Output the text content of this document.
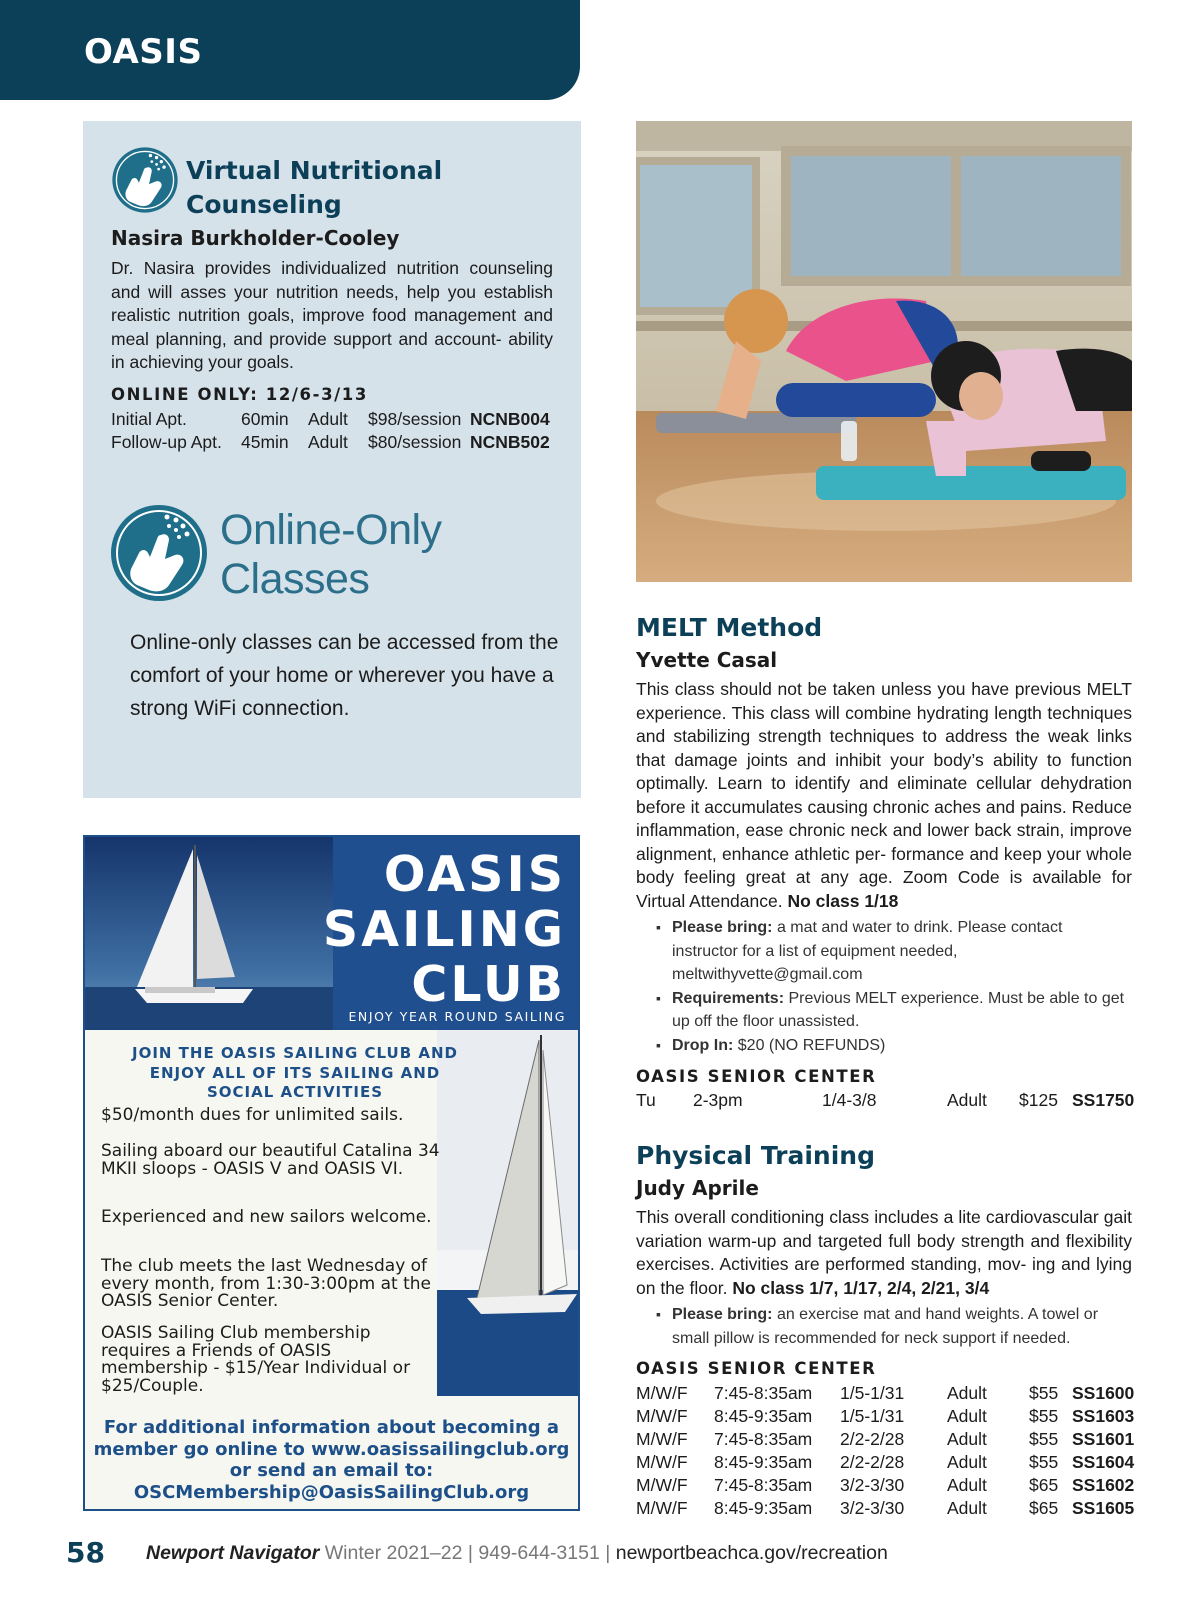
OASIS
Virtual Nutritional Counseling
Nasira Burkholder-Cooley
Dr. Nasira provides individualized nutrition counseling and will asses your nutrition needs, help you establish realistic nutrition goals, improve food management and meal planning, and provide support and account- ability in achieving your goals.
ONLINE ONLY: 12/6-3/13
Initial Apt.	60min Adult $98/session NCNB004
Follow-up Apt. 45min Adult $80/session NCNB502
Online-Only Classes
Online-only classes can be accessed from the comfort of your home or wherever you have a strong WiFi connection.
OASIS
SAILING
CLUB
ENJOY YEAR ROUND SAILING
JOIN THE OASIS SAILING CLUB AND ENJOY ALL OF ITS SAILING AND SOCIAL ACTIVITIES
$50/month dues for unlimited sails.
Sailing aboard our beautiful Catalina 34 MKII sloops - OASIS V and OASIS VI.
Experienced and new sailors welcome.
The club meets the last Wednesday of every month, from 1:30-3:00pm at the OASIS Senior Center.
OASIS Sailing Club membership requires a Friends of OASIS membership - $15/Year Individual or $25/Couple.
For additional information about becoming a member go online to www.oasissailingclub.org or send an email to: OSCMembership@OasisSailingClub.org
MELT Method
Yvette Casal
This class should not be taken unless you have previous MELT experience. This class will combine hydrating length techniques and stabilizing strength techniques to address the weak links that damage joints and inhibit your body’s ability to function optimally. Learn to identify and eliminate cellular dehydration before it accumulates causing chronic aches and pains. Reduce inflammation, ease chronic neck and lower back strain, improve alignment, enhance athletic per- formance and keep your whole body feeling great at any age. Zoom Code is available for Virtual Attendance. No class 1/18
▪ Please bring: a mat and water to drink. Please contact instructor for a list of equipment needed, meltwithyvette@gmail.com
▪ Requirements: Previous MELT experience. Must be able to get up off the floor unassisted.
▪ Drop In: $20 (NO REFUNDS)
OASIS SENIOR CENTER
Tu 2-3pm	1/4-3/8	Adult $125 SS1750
Physical Training
Judy Aprile
This overall conditioning class includes a lite cardiovascular gait variation warm-up and targeted full body strength and flexibility exercises. Activities are performed standing, mov- ing and lying on the floor. No class 1/7, 1/17, 2/4, 2/21, 3/4
▪ Please bring: an exercise mat and hand weights. A towel or small pillow is recommended for neck support if needed.
OASIS SENIOR CENTER
M/W/F 7:45-8:35am 1/5-1/31 Adult $55 SS1600
M/W/F 8:45-9:35am 1/5-1/31 Adult $55 SS1603
M/W/F 7:45-8:35am 2/2-2/28 Adult $55 SS1601
M/W/F 8:45-9:35am 2/2-2/28 Adult $55 SS1604
M/W/F 7:45-8:35am 3/2-3/30 Adult $65 SS1602
M/W/F 8:45-9:35am 3/2-3/30 Adult $65 SS1605
58 Newport Navigator Winter 2021–22 | 949-644-3151 | newportbeachca.gov/recreation
